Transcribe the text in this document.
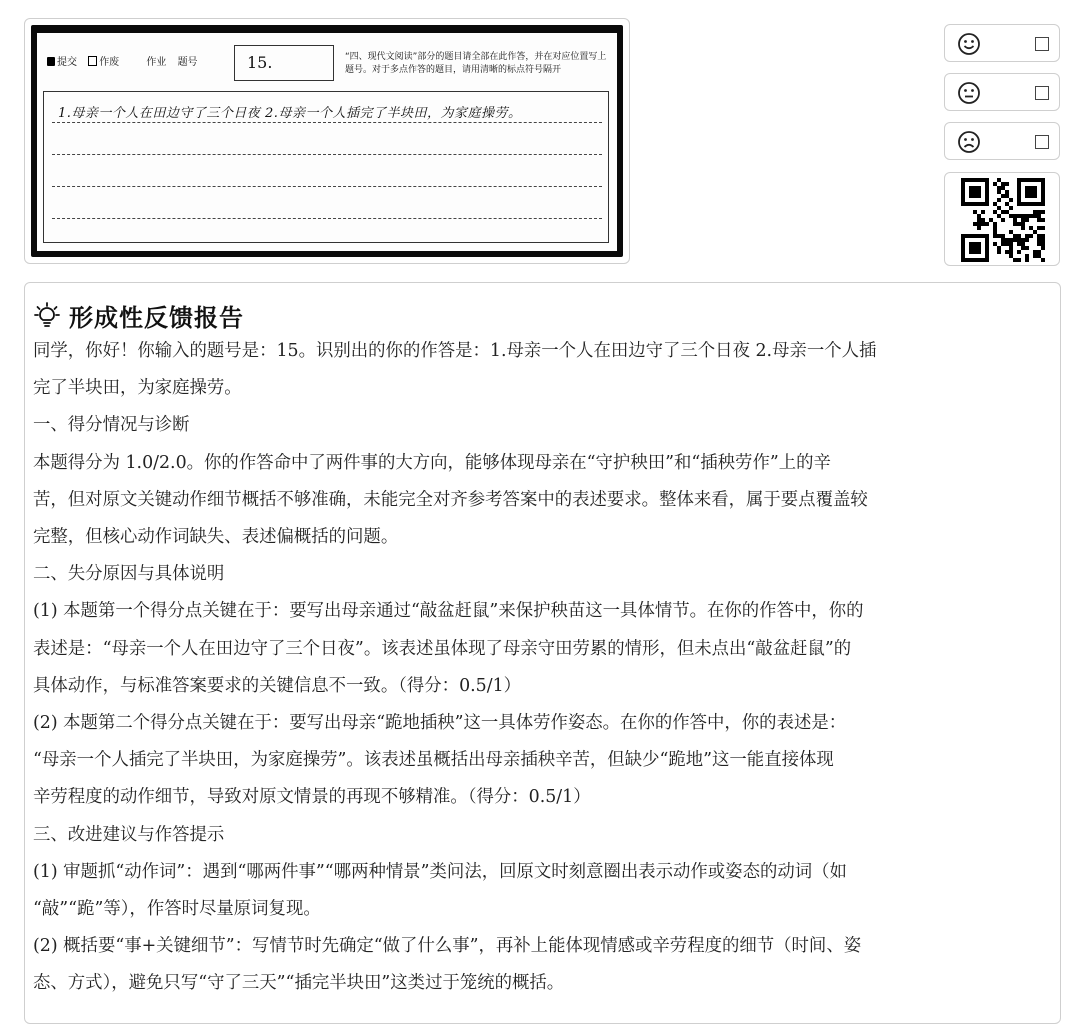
提交 作废	作业 题号	15.	“四、现代文阅读”部分的题目请全部在此作答，并在对应位置写上题号。对于多点作答的题目，请用清晰的标点符号隔开
1.母亲一个人在田边守了三个日夜 2.母亲一个人插完了半块田，为家庭操劳。
形成性反馈报告

同学，你好！你输入的题号是：15。识别出的你的作答是：1.母亲一个人在田边守了三个日夜 2.母亲一个人插
完了半块田，为家庭操劳。

一、得分情况与诊断

本题得分为 1.0/2.0。你的作答命中了两件事的大方向，能够体现母亲在“守护秧田”和“插秧劳作”上的辛
苦，但对原文关键动作细节概括不够准确，未能完全对齐参考答案中的表述要求。整体来看，属于要点覆盖较
完整，但核心动作词缺失、表述偏概括的问题。

二、失分原因与具体说明

(1) 本题第一个得分点关键在于：要写出母亲通过“敲盆赶鼠”来保护秧苗这一具体情节。在你的作答中，你的
表述是：“母亲一个人在田边守了三个日夜”。该表述虽体现了母亲守田劳累的情形，但未点出“敲盆赶鼠”的
具体动作，与标准答案要求的关键信息不一致。（得分：0.5/1）

(2) 本题第二个得分点关键在于：要写出母亲“跪地插秧”这一具体劳作姿态。在你的作答中，你的表述是：
“母亲一个人插完了半块田，为家庭操劳”。该表述虽概括出母亲插秧辛苦，但缺少“跪地”这一能直接体现
辛劳程度的动作细节，导致对原文情景的再现不够精准。（得分：0.5/1）

三、改进建议与作答提示

(1) 审题抓“动作词”：遇到“哪两件事”“哪两种情景”类问法，回原文时刻意圈出表示动作或姿态的动词（如
“敲”“跪”等），作答时尽量原词复现。

(2) 概括要“事+关键细节”：写情节时先确定“做了什么事”，再补上能体现情感或辛劳程度的细节（时间、姿
态、方式），避免只写“守了三天”“插完半块田”这类过于笼统的概括。
